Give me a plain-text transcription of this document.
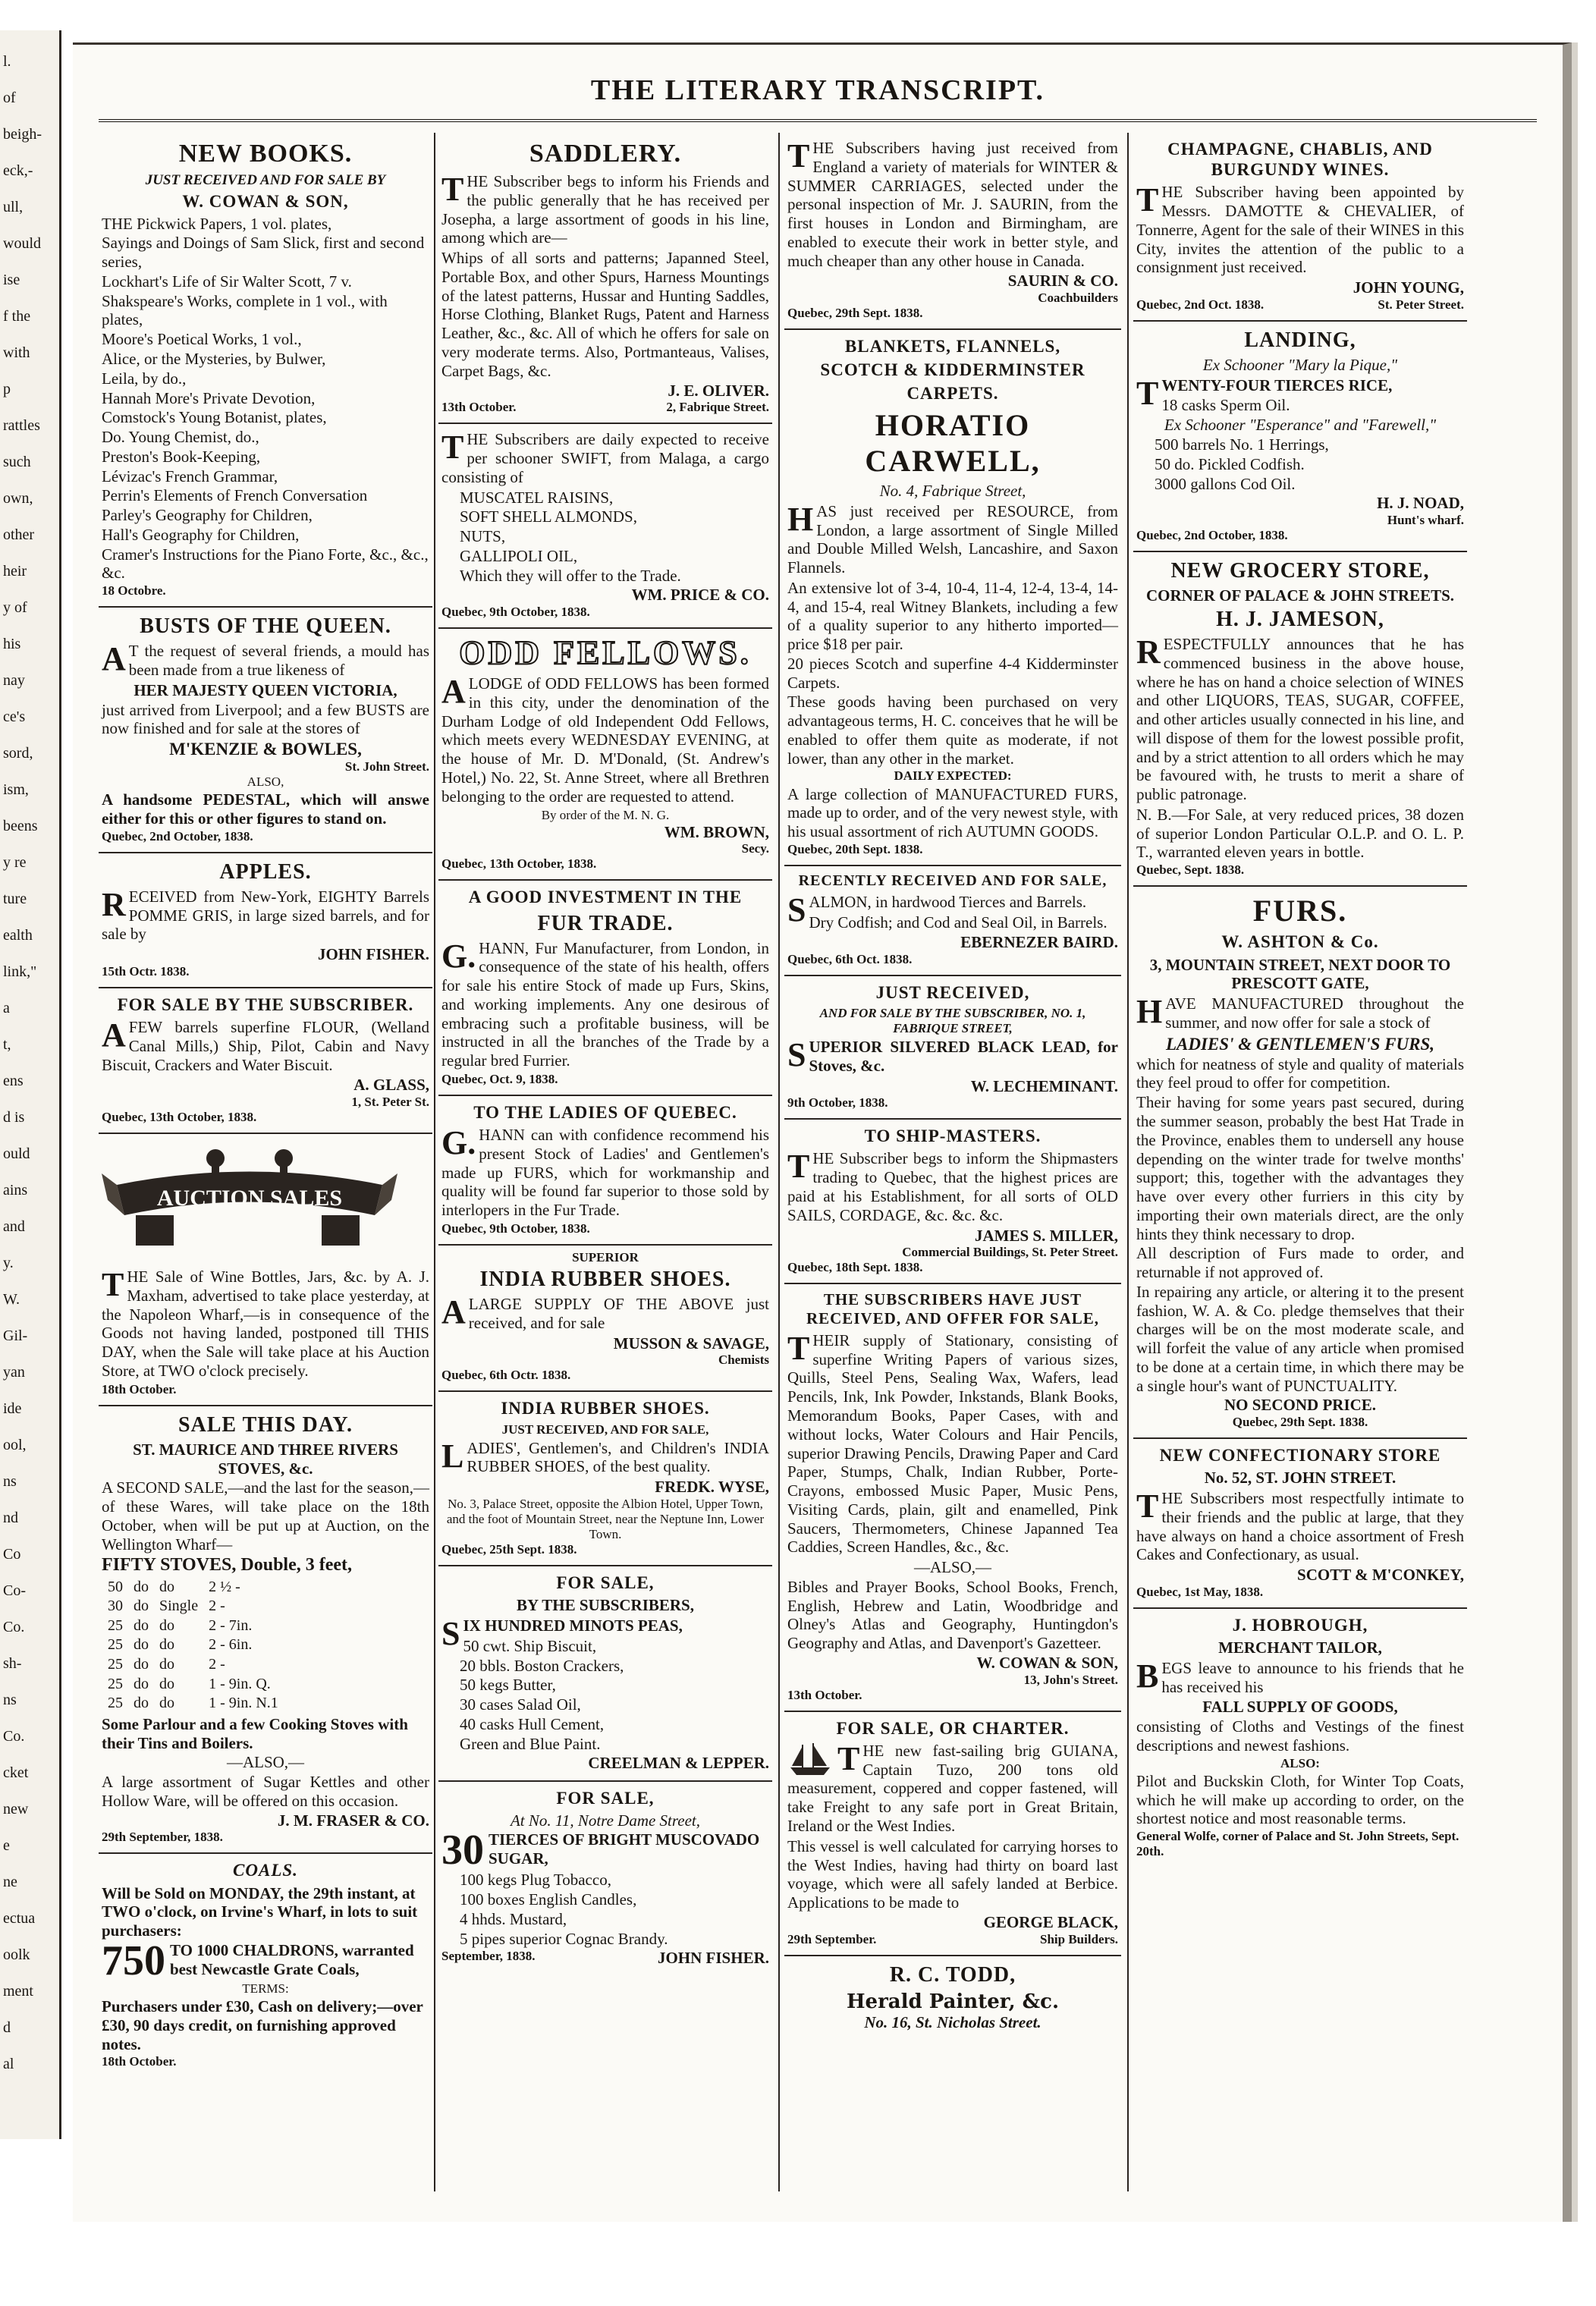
l.
of
beigh-
eck,-
ull,
would
ise
f the
with
p
rattles
such
own,
other
heir
y of
his
nay
ce's
sord,
ism,
beens
y re
ture
ealth
link,"
a
t,
ens
d is
ould
ains
and
y.
W.
Gil-
yan
ide
ool,
ns
nd
Co
Co-
Co.
sh-
ns
Co.
cket
new
e
ne
ectua
oolk
ment
d
al
THE LITERARY TRANSCRIPT.
NEW BOOKS.
JUST RECEIVED AND FOR SALE BY
W. COWAN & SON,
THE Pickwick Papers, 1 vol. plates,
Sayings and Doings of Sam Slick, first and second series,
Lockhart's Life of Sir Walter Scott, 7 v.
Shakspeare's Works, complete in 1 vol., with plates,
Moore's Poetical Works, 1 vol.,
Alice, or the Mysteries, by Bulwer,
Leila, by do.,
Hannah More's Private Devotion,
Comstock's Young Botanist, plates,
Do. Young Chemist, do.,
Preston's Book-Keeping,
Lévizac's French Grammar,
Perrin's Elements of French Conversation
Parley's Geography for Children,
Hall's Geography for Children,
Cramer's Instructions for the Piano Forte, &c., &c., &c.
18 Octobre.
BUSTS OF THE QUEEN.
AT the request of several friends, a mould has been made from a true likeness of
HER MAJESTY QUEEN VICTORIA,
just arrived from Liverpool; and a few BUSTS are now finished and for sale at the stores of
M'KENZIE & BOWLES,
St. John Street.
ALSO,
A handsome PEDESTAL, which will answe either for this or other figures to stand on.
Quebec, 2nd October, 1838.
APPLES.
RECEIVED from New-York, EIGHTY Barrels POMME GRIS, in large sized barrels, and for sale by
JOHN FISHER.
15th Octr. 1838.
FOR SALE BY THE SUBSCRIBER.
AFEW barrels superfine FLOUR, (Welland Canal Mills,) Ship, Pilot, Cabin and Navy Biscuit, Crackers and Water Biscuit.
A. GLASS,
1, St. Peter St.
Quebec, 13th October, 1838.
AUCTION SALES
THE Sale of Wine Bottles, Jars, &c. by A. J. Maxham, advertised to take place yesterday, at the Napoleon Wharf,—is in consequence of the Goods not having landed, postponed till THIS DAY, when the Sale will take place at his Auction Store, at TWO o'clock precisely.
18th October.
SALE THIS DAY.
ST. MAURICE AND THREE RIVERS STOVES, &c.
A SECOND SALE,—and the last for the season,—of these Wares, will take place on the 18th October, when will be put up at Auction, on the Wellington Wharf—
FIFTY STOVES, Double, 3 feet,
50	do	do	2 ½ -
30	do	Single	2 -
25	do	do	2 - 7in.
25	do	do	2 - 6in.
25	do	do	2 -
25	do	do	1 - 9in. Q.
25	do	do	1 - 9in. N.1
Some Parlour and a few Cooking Stoves with their Tins and Boilers.
—ALSO,—
A large assortment of Sugar Kettles and other Hollow Ware, will be offered on this occasion.
J. M. FRASER & CO.
29th September, 1838.
COALS.
Will be Sold on MONDAY, the 29th instant, at TWO o'clock, on Irvine's Wharf, in lots to suit purchasers:
750 TO 1000 CHALDRONS, warranted best Newcastle Grate Coals,
TERMS:
Purchasers under £30, Cash on delivery;—over £30, 90 days credit, on furnishing approved notes.
18th October.
SADDLERY.
THE Subscriber begs to inform his Friends and the public generally that he has received per Josepha, a large assortment of goods in his line, among which are—
Whips of all sorts and patterns; Japanned Steel, Portable Box, and other Spurs, Harness Mountings of the latest patterns, Hussar and Hunting Saddles, Horse Clothing, Blanket Rugs, Patent and Harness Leather, &c., &c. All of which he offers for sale on very moderate terms. Also, Portmanteaus, Valises, Carpet Bags, &c.
J. E. OLIVER.
13th October.	2, Fabrique Street.
THE Subscribers are daily expected to receive per schooner SWIFT, from Malaga, a cargo consisting of
MUSCATEL RAISINS,
SOFT SHELL ALMONDS,
NUTS,
GALLIPOLI OIL,
Which they will offer to the Trade.
WM. PRICE & CO.
Quebec, 9th October, 1838.
ODD FELLOWS.
ALODGE of ODD FELLOWS has been formed in this city, under the denomination of the Durham Lodge of old Independent Odd Fellows, which meets every WEDNESDAY EVENING, at the house of Mr. D. M'Donald, (St. Andrew's Hotel,) No. 22, St. Anne Street, where all Brethren belonging to the order are requested to attend.
By order of the M. N. G.
WM. BROWN,
Secy.
Quebec, 13th October, 1838.
A GOOD INVESTMENT IN THE
FUR TRADE.
G.HANN, Fur Manufacturer, from London, in consequence of the state of his health, offers for sale his entire Stock of made up Furs, Skins, and working implements. Any one desirous of embracing such a profitable business, will be instructed in all the branches of the Trade by a regular bred Furrier.
Quebec, Oct. 9, 1838.
TO THE LADIES OF QUEBEC.
G.HANN can with confidence recommend his present Stock of Ladies' and Gentlemen's made up FURS, which for workmanship and quality will be found far superior to those sold by interlopers in the Fur Trade.
Quebec, 9th October, 1838.
SUPERIOR
INDIA RUBBER SHOES.
ALARGE SUPPLY OF THE ABOVE just received, and for sale
MUSSON & SAVAGE,
Chemists
Quebec, 6th Octr. 1838.
INDIA RUBBER SHOES.
JUST RECEIVED, AND FOR SALE,
LADIES', Gentlemen's, and Children's INDIA RUBBER SHOES, of the best quality.
FREDK. WYSE,
No. 3, Palace Street, opposite the Albion Hotel, Upper Town, and the foot of Mountain Street, near the Neptune Inn, Lower Town.
Quebec, 25th Sept. 1838.
FOR SALE,
BY THE SUBSCRIBERS,
SIX HUNDRED MINOTS PEAS,
50 cwt. Ship Biscuit,
20 bbls. Boston Crackers,
50 kegs Butter,
30 cases Salad Oil,
40 casks Hull Cement,
Green and Blue Paint.
CREELMAN & LEPPER.
FOR SALE,
At No. 11, Notre Dame Street,
30 TIERCES OF BRIGHT MUSCOVADO SUGAR,
100 kegs Plug Tobacco,
100 boxes English Candles,
4 hhds. Mustard,
5 pipes superior Cognac Brandy.
September, 1838.	JOHN FISHER.
THE Subscribers having just received from England a variety of materials for WINTER & SUMMER CARRIAGES, selected under the personal inspection of Mr. J. SAURIN, from the first houses in London and Birmingham, are enabled to execute their work in better style, and much cheaper than any other house in Canada.
SAURIN & CO.
Coachbuilders
Quebec, 29th Sept. 1838.
BLANKETS, FLANNELS,
SCOTCH & KIDDERMINSTER
CARPETS.
HORATIO CARWELL,
No. 4, Fabrique Street,
HAS just received per RESOURCE, from London, a large assortment of Single Milled and Double Milled Welsh, Lancashire, and Saxon Flannels.
An extensive lot of 3-4, 10-4, 11-4, 12-4, 13-4, 14-4, and 15-4, real Witney Blankets, including a few of a quality superior to any hitherto imported—price $18 per pair.
20 pieces Scotch and superfine 4-4 Kidderminster Carpets.
These goods having been purchased on very advantageous terms, H. C. conceives that he will be enabled to offer them quite as moderate, if not lower, than any other in the market.
DAILY EXPECTED:
A large collection of MANUFACTURED FURS, made up to order, and of the very newest style, with his usual assortment of rich AUTUMN GOODS.
Quebec, 20th Sept. 1838.
RECENTLY RECEIVED AND FOR SALE,
SALMON, in hardwood Tierces and Barrels.
Dry Codfish; and Cod and Seal Oil, in Barrels.
EBERNEZER BAIRD.
Quebec, 6th Oct. 1838.
JUST RECEIVED,
AND FOR SALE BY THE SUBSCRIBER, NO. 1, FABRIQUE STREET,
SUPERIOR SILVERED BLACK LEAD, for Stoves, &c.
W. LECHEMINANT.
9th October, 1838.
TO SHIP-MASTERS.
THE Subscriber begs to inform the Shipmasters trading to Quebec, that the highest prices are paid at his Establishment, for all sorts of OLD SAILS, CORDAGE, &c. &c. &c.
JAMES S. MILLER,
Commercial Buildings, St. Peter Street.
Quebec, 18th Sept. 1838.
THE SUBSCRIBERS HAVE JUST RECEIVED, AND OFFER FOR SALE,
THEIR supply of Stationary, consisting of superfine Writing Papers of various sizes, Quills, Steel Pens, Sealing Wax, Wafers, lead Pencils, Ink, Ink Powder, Inkstands, Blank Books, Memorandum Books, Paper Cases, with and without locks, Water Colours and Hair Pencils, superior Drawing Pencils, Drawing Paper and Card Paper, Stumps, Chalk, Indian Rubber, Porte-Crayons, embossed Music Paper, Music Pens, Visiting Cards, plain, gilt and enamelled, Pink Saucers, Thermometers, Chinese Japanned Tea Caddies, Screen Handles, &c., &c.
—ALSO,—
Bibles and Prayer Books, School Books, French, English, Hebrew and Latin, Woodbridge and Olney's Atlas and Geography, Huntingdon's Geography and Atlas, and Davenport's Gazetteer.
W. COWAN & SON,
13, John's Street.
13th October.
FOR SALE, OR CHARTER.
THE new fast-sailing brig GUIANA, Captain Tuzo, 200 tons old measurement, coppered and copper fastened, will take Freight to any safe port in Great Britain, Ireland or the West Indies.
This vessel is well calculated for carrying horses to the West Indies, having had thirty on board last voyage, which were all safely landed at Berbice. Applications to be made to
GEORGE BLACK,
29th September.	Ship Builders.
R. C. TODD,
Herald Painter, &c.
No. 16, St. Nicholas Street.
CHAMPAGNE, CHABLIS, AND BURGUNDY WINES.
THE Subscriber having been appointed by Messrs. DAMOTTE & CHEVALIER, of Tonnerre, Agent for the sale of their WINES in this City, invites the attention of the public to a consignment just received.
JOHN YOUNG,
Quebec, 2nd Oct. 1838.	St. Peter Street.
LANDING,
Ex Schooner "Mary la Pique,"
TWENTY-FOUR TIERCES RICE,
18 casks Sperm Oil.
Ex Schooner "Esperance" and "Farewell,"
500 barrels No. 1 Herrings,
50 do. Pickled Codfish.
3000 gallons Cod Oil.
H. J. NOAD,
Hunt's wharf.
Quebec, 2nd October, 1838.
NEW GROCERY STORE,
CORNER OF PALACE & JOHN STREETS.
H. J. JAMESON,
RESPECTFULLY announces that he has commenced business in the above house, where he has on hand a choice selection of WINES and other LIQUORS, TEAS, SUGAR, COFFEE, and other articles usually connected in his line, and will dispose of them for the lowest possible profit, and by a strict attention to all orders which he may be favoured with, he trusts to merit a share of public patronage.
N. B.—For Sale, at very reduced prices, 38 dozen of superior London Particular O.L.P. and O. L. P. T., warranted eleven years in bottle.
Quebec, Sept. 1838.
FURS.
W. ASHTON & Co.
3, MOUNTAIN STREET, NEXT DOOR TO PRESCOTT GATE,
HAVE MANUFACTURED throughout the summer, and now offer for sale a stock of
LADIES' & GENTLEMEN'S FURS,
which for neatness of style and quality of materials they feel proud to offer for competition.
Their having for some years past secured, during the summer season, probably the best Hat Trade in the Province, enables them to undersell any house depending on the winter trade for twelve months' support; this, together with the advantages they have over every other furriers in this city by importing their own materials direct, are the only hints they think necessary to drop.
All description of Furs made to order, and returnable if not approved of.
In repairing any article, or altering it to the present fashion, W. A. & Co. pledge themselves that their charges will be on the most moderate scale, and will forfeit the value of any article when promised to be done at a certain time, in which there may be a single hour's want of PUNCTUALITY.
NO SECOND PRICE.
Quebec, 29th Sept. 1838.
NEW CONFECTIONARY STORE
No. 52, ST. JOHN STREET.
THE Subscribers most respectfully intimate to their friends and the public at large, that they have always on hand a choice assortment of Fresh Cakes and Confectionary, as usual.
SCOTT & M'CONKEY,
Quebec, 1st May, 1838.
J. HOBROUGH,
MERCHANT TAILOR,
BEGS leave to announce to his friends that he has received his
FALL SUPPLY OF GOODS,
consisting of Cloths and Vestings of the finest descriptions and newest fashions.
ALSO:
Pilot and Buckskin Cloth, for Winter Top Coats, which he will make up according to order, on the shortest notice and most reasonable terms.
General Wolfe, corner of Palace and St. John Streets, Sept. 20th.
